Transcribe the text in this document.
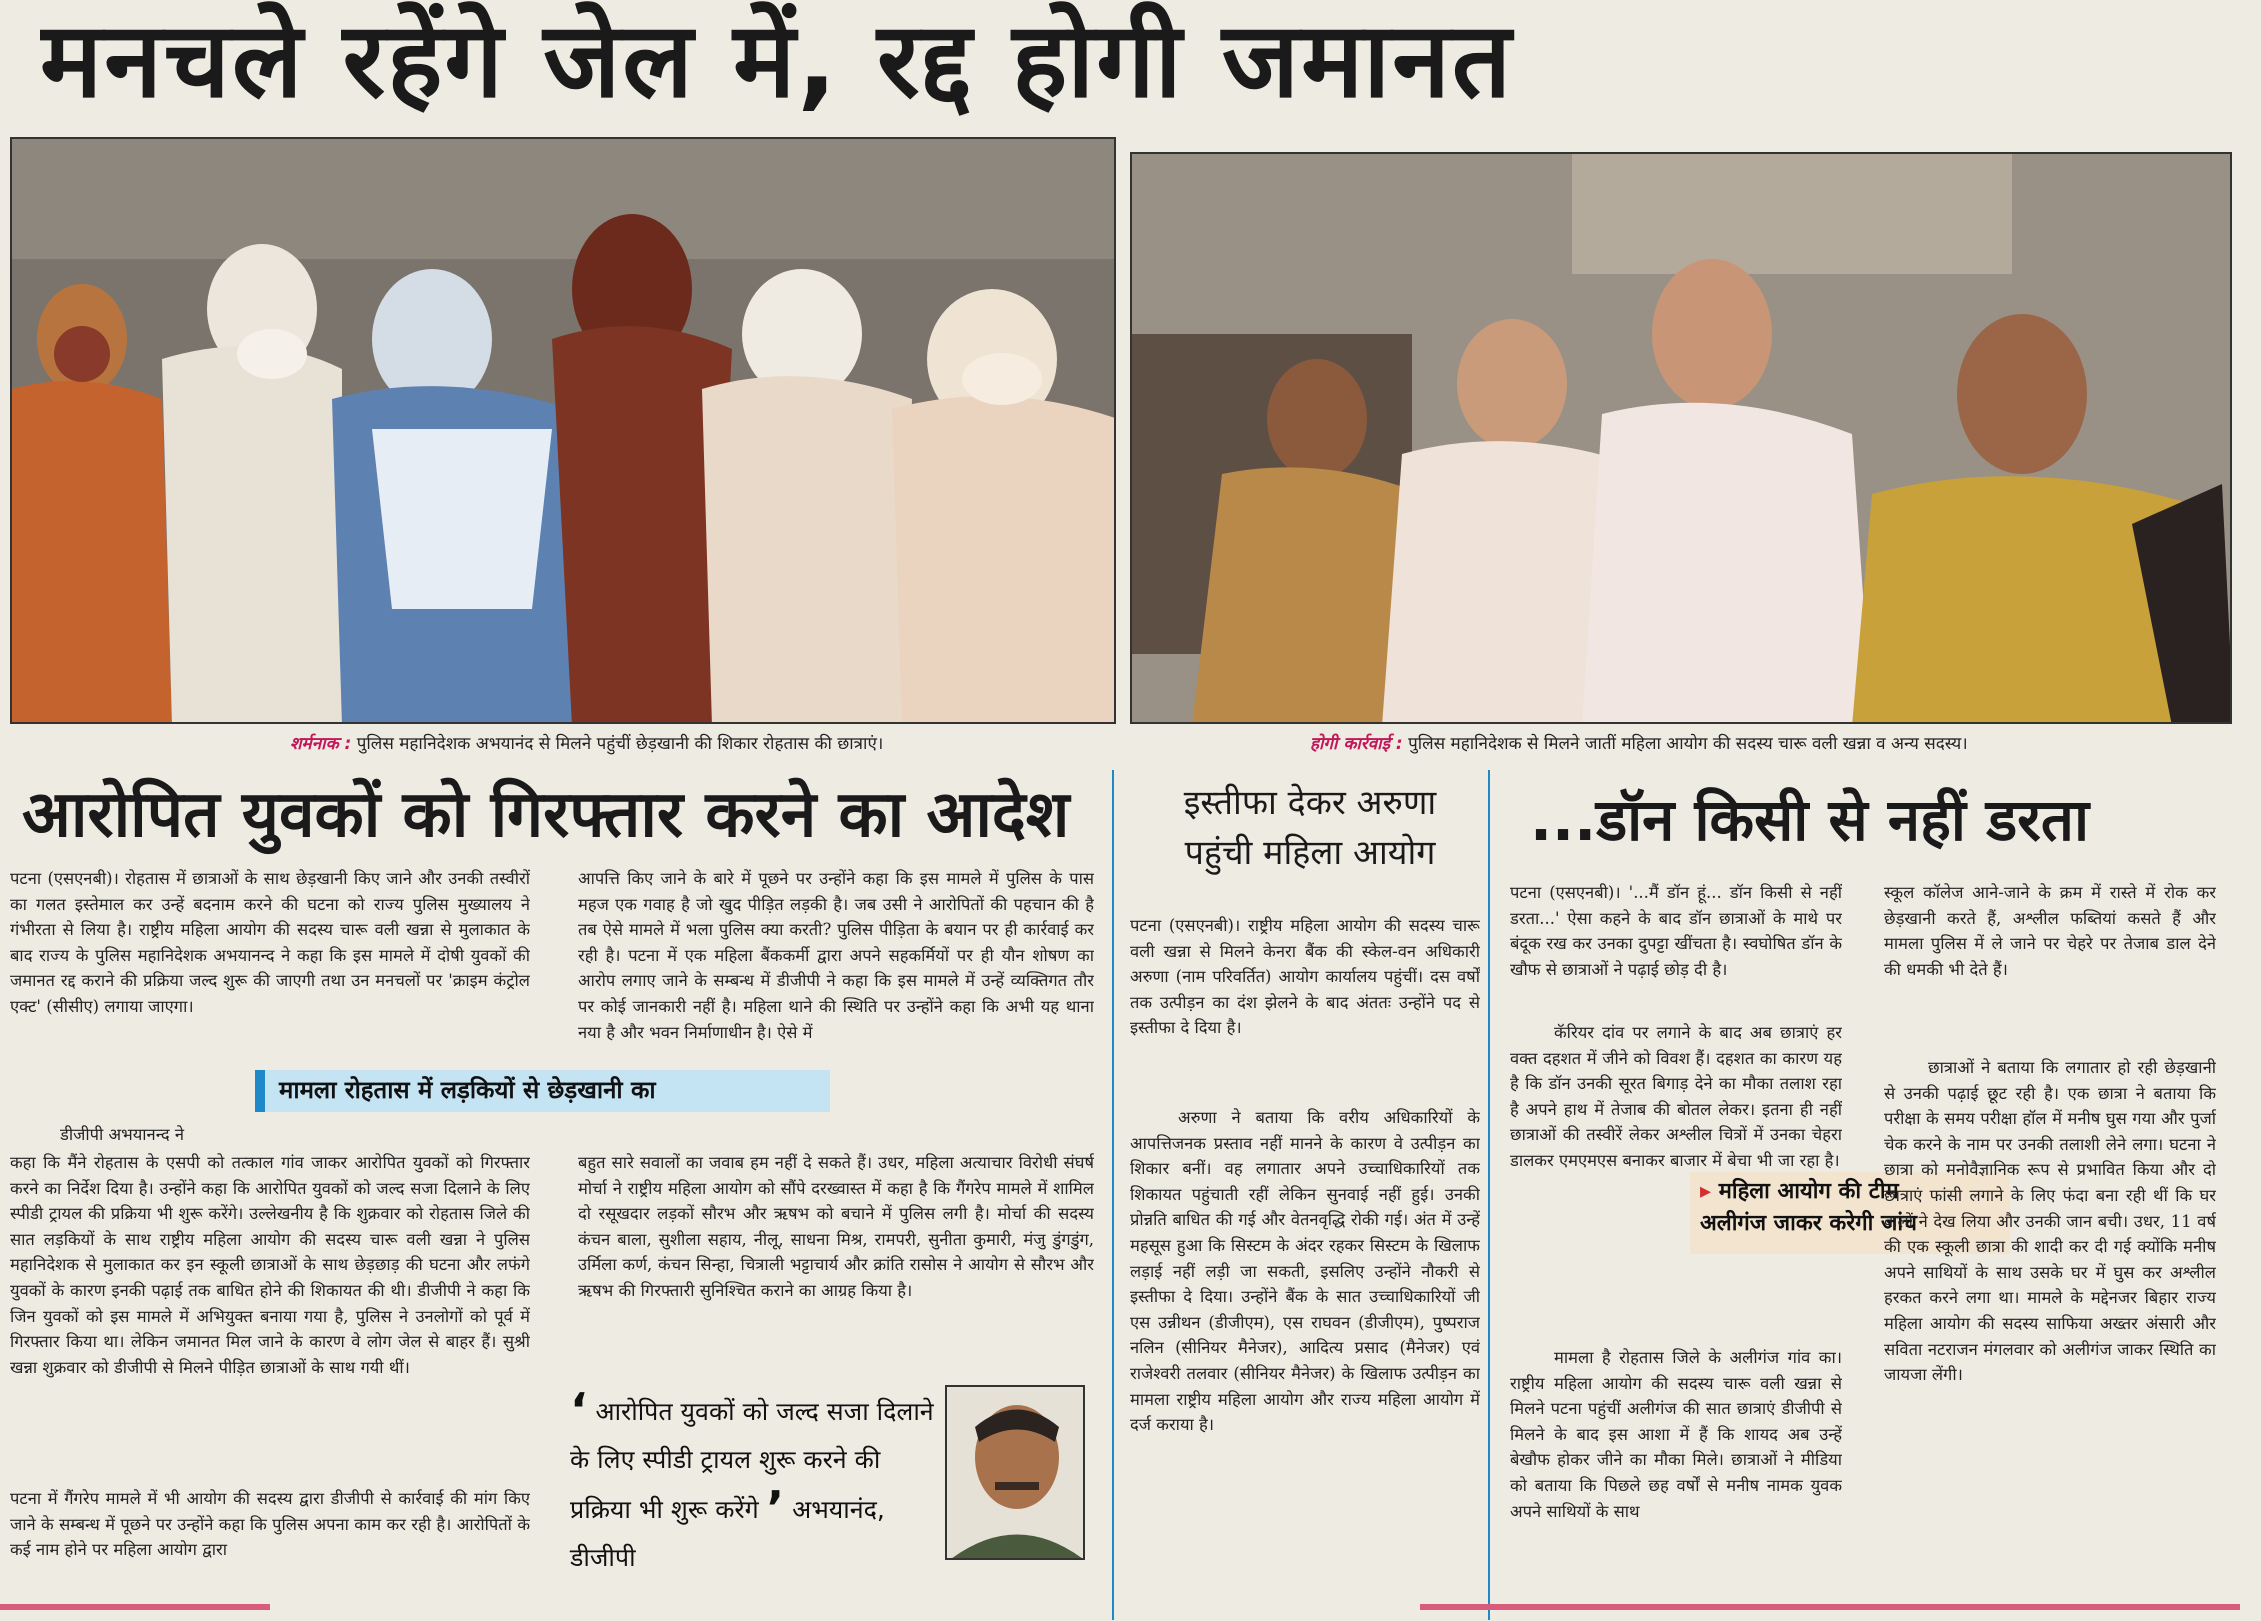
मनचले रहेंगे जेल में, रद्द होगी जमानत
शर्मनाक : पुलिस महानिदेशक अभयानंद से मिलने पहुंचीं छेड़खानी की शिकार रोहतास की छात्राएं।	होगी कार्रवाई : पुलिस महानिदेशक से मिलने जातीं महिला आयोग की सदस्य चारू वली खन्ना व अन्य सदस्य।
आरोपित युवकों को गिरफ्तार करने का आदेश

पटना (एसएनबी)। रोहतास में छात्राओं के साथ छेड़खानी किए जाने और उनकी तस्वीरों का गलत इस्तेमाल कर उन्हें बदनाम करने की घटना को राज्य पुलिस मुख्यालय ने गंभीरता से लिया है। राष्ट्रीय महिला आयोग की सदस्य चारू वली खन्ना से मुलाकात के बाद राज्य के पुलिस महानिदेशक अभयानन्द ने कहा कि इस मामले में दोषी युवकों की जमानत रद्द कराने की प्रक्रिया जल्द शुरू की जाएगी तथा उन मनचलों पर 'क्राइम कंट्रोल एक्ट' (सीसीए) लगाया जाएगा।

डीजीपी अभयानन्द ने

कहा कि मैंने रोहतास के एसपी को तत्काल गांव जाकर आरोपित युवकों को गिरफ्तार करने का निर्देश दिया है। उन्होंने कहा कि आरोपित युवकों को जल्द सजा दिलाने के लिए स्पीडी ट्रायल की प्रक्रिया भी शुरू करेंगे। उल्लेखनीय है कि शुक्रवार को रोहतास जिले की सात लड़कियों के साथ राष्ट्रीय महिला आयोग की सदस्य चारू वली खन्ना ने पुलिस महानिदेशक से मुलाकात कर इन स्कूली छात्राओं के साथ छेड़छाड़ की घटना और लफंगे युवकों के कारण इनकी पढ़ाई तक बाधित होने की शिकायत की थी। डीजीपी ने कहा कि जिन युवकों को इस मामले में अभियुक्त बनाया गया है, पुलिस ने उनलोगों को पूर्व में गिरफ्तार किया था। लेकिन जमानत मिल जाने के कारण वे लोग जेल से बाहर हैं। सुश्री खन्ना शुक्रवार को डीजीपी से मिलने पीड़ित छात्राओं के साथ गयी थीं।

पटना में गैंगरेप मामले में भी आयोग की सदस्य द्वारा डीजीपी से कार्रवाई की मांग किए जाने के सम्बन्ध में पूछने पर उन्होंने कहा कि पुलिस अपना काम कर रही है। आरोपितों के कई नाम होने पर महिला आयोग द्वारा

आपत्ति किए जाने के बारे में पूछने पर उन्होंने कहा कि इस मामले में पुलिस के पास महज एक गवाह है जो खुद पीड़ित लड़की है। जब उसी ने आरोपितों की पहचान की है तब ऐसे मामले में भला पुलिस क्या करती? पुलिस पीड़िता के बयान पर ही कार्रवाई कर रही है। पटना में एक महिला बैंककर्मी द्वारा अपने सहकर्मियों पर ही यौन शोषण का आरोप लगाए जाने के सम्बन्ध में डीजीपी ने कहा कि इस मामले में उन्हें व्यक्तिगत तौर पर कोई जानकारी नहीं है। महिला थाने की स्थिति पर उन्होंने कहा कि अभी यह थाना नया है और भवन निर्माणाधीन है। ऐसे में

बहुत सारे सवालों का जवाब हम नहीं दे सकते हैं। उधर, महिला अत्याचार विरोधी संघर्ष मोर्चा ने राष्ट्रीय महिला आयोग को सौंपे दरख्वास्त में कहा है कि गैंगरेप मामले में शामिल दो रसूखदार लड़कों सौरभ और ऋषभ को बचाने में पुलिस लगी है। मोर्चा की सदस्य कंचन बाला, सुशीला सहाय, नीलू, साधना मिश्र, रामपरी, सुनीता कुमारी, मंजु डुंगडुंग, उर्मिला कर्ण, कंचन सिन्हा, चित्राली भट्टाचार्य और क्रांति रासोस ने आयोग से सौरभ और ऋषभ की गिरफ्तारी सुनिश्चित कराने का आग्रह किया है।

मामला रोहतास में लड़कियों से छेड़खानी का
‘ आरोपित युवकों को जल्द सजा दिलाने के लिए स्पीडी ट्रायल शुरू करने की प्रक्रिया भी शुरू करेंगे ’ अभयानंद, डीजीपी
इस्तीफा देकर अरुणा
पहुंची महिला आयोग

पटना (एसएनबी)। राष्ट्रीय महिला आयोग की सदस्य चारू वली खन्ना से मिलने केनरा बैंक की स्केल-वन अधिकारी अरुणा (नाम परिवर्तित) आयोग कार्यालय पहुंचीं। दस वर्षों तक उत्पीड़न का दंश झेलने के बाद अंततः उन्होंने पद से इस्तीफा दे दिया है।

अरुणा ने बताया कि वरीय अधिकारियों के आपत्तिजनक प्रस्ताव नहीं मानने के कारण वे उत्पीड़न का शिकार बनीं। वह लगातार अपने उच्चाधिकारियों तक शिकायत पहुंचाती रहीं लेकिन सुनवाई नहीं हुई। उनकी प्रोन्नति बाधित की गई और वेतनवृद्धि रोकी गई। अंत में उन्हें महसूस हुआ कि सिस्टम के अंदर रहकर सिस्टम के खिलाफ लड़ाई नहीं लड़ी जा सकती, इसलिए उन्होंने नौकरी से इस्तीफा दे दिया। उन्होंने बैंक के सात उच्चाधिकारियों जी एस उन्नीथन (डीजीएम), एस राघवन (डीजीएम), पुष्पराज नलिन (सीनियर मैनेजर), आदित्य प्रसाद (मैनेजर) एवं राजेश्वरी तलवार (सीनियर मैनेजर) के खिलाफ उत्पीड़न का मामला राष्ट्रीय महिला आयोग और राज्य महिला आयोग में दर्ज कराया है।

...डॉन किसी से नहीं डरता

पटना (एसएनबी)। '...मैं डॉन हूं... डॉन किसी से नहीं डरता...' ऐसा कहने के बाद डॉन छात्राओं के माथे पर बंदूक रख कर उनका दुपट्टा खींचता है। स्वघोषित डॉन के खौफ से छात्राओं ने पढ़ाई छोड़ दी है।

कॅरियर दांव पर लगाने के बाद अब छात्राएं हर वक्त दहशत में जीने को विवश हैं। दहशत का कारण यह है कि डॉन उनकी सूरत बिगाड़ देने का मौका तलाश रहा है अपने हाथ में तेजाब की बोतल लेकर। इतना ही नहीं छात्राओं की तस्वीरें लेकर अश्लील चित्रों में उनका चेहरा डालकर एमएमएस बनाकर बाजार में बेचा भी जा रहा है।

मामला है रोहतास जिले के अलीगंज गांव का। राष्ट्रीय महिला आयोग की सदस्य चारू वली खन्ना से मिलने पटना पहुंचीं अलीगंज की सात छात्राएं डीजीपी से मिलने के बाद इस आशा में हैं कि शायद अब उन्हें बेखौफ होकर जीने का मौका मिले। छात्राओं ने मीडिया को बताया कि पिछले छह वर्षों से मनीष नामक युवक अपने साथियों के साथ

▸ महिला आयोग की टीम
अलीगंज जाकर करेगी जांच

स्कूल कॉलेज आने-जाने के क्रम में रास्ते में रोक कर छेड़खानी करते हैं, अश्लील फब्तियां कसते हैं और मामला पुलिस में ले जाने पर चेहरे पर तेजाब डाल देने की धमकी भी देते हैं।

छात्राओं ने बताया कि लगातार हो रही छेड़खानी से उनकी पढ़ाई छूट रही है। एक छात्रा ने बताया कि परीक्षा के समय परीक्षा हॉल में मनीष घुस गया और पुर्जा चेक करने के नाम पर उनकी तलाशी लेने लगा। घटना ने छात्रा को मनोवैज्ञानिक रूप से प्रभावित किया और दो छात्राएं फांसी लगाने के लिए फंदा बना रही थीं कि घर वालों ने देख लिया और उनकी जान बची। उधर, 11 वर्ष की एक स्कूली छात्रा की शादी कर दी गई क्योंकि मनीष अपने साथियों के साथ उसके घर में घुस कर अश्लील हरकत करने लगा था। मामले के मद्देनजर बिहार राज्य महिला आयोग की सदस्य साफिया अख्तर अंसारी और सविता नटराजन मंगलवार को अलीगंज जाकर स्थिति का जायजा लेंगी।
